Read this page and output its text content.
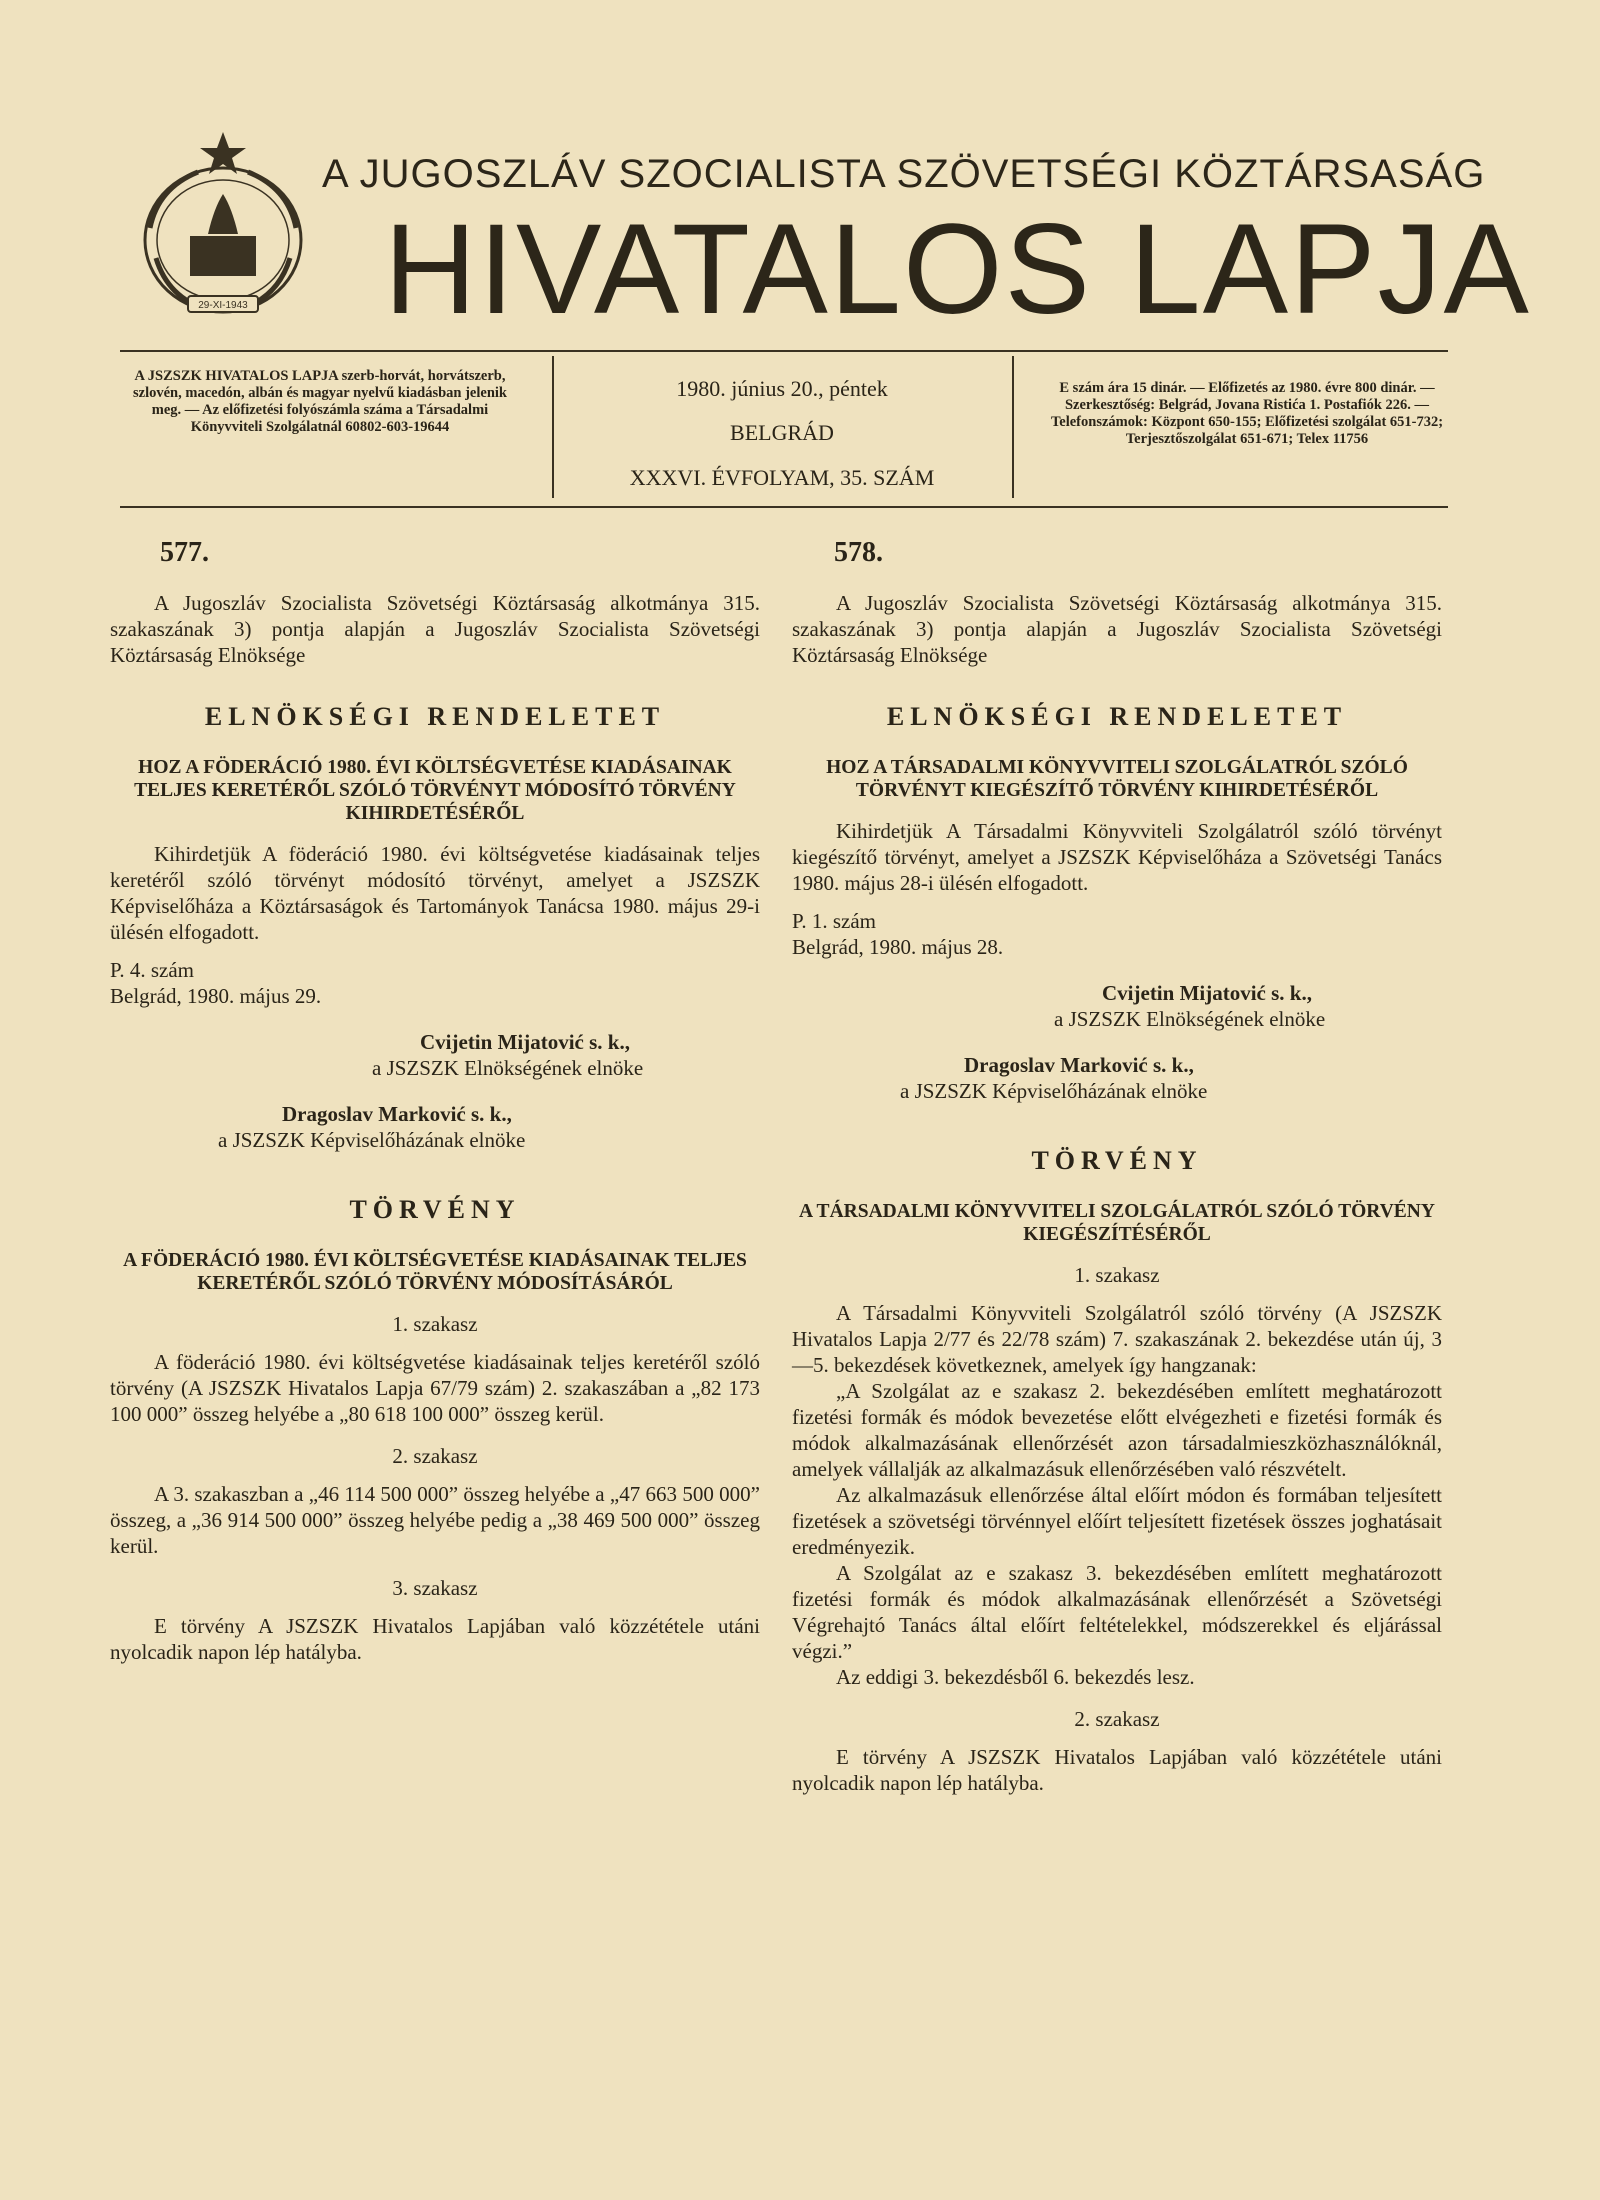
29-XI-1943
A JUGOSZLÁV SZOCIALISTA SZÖVETSÉGI KÖZTÁRSASÁG
HIVATALOS LAPJA
A JSZSZK HIVATALOS LAPJA szerb-horvát, horvátszerb, szlovén, macedón, albán és magyar nyelvű kiadásban jelenik meg. — Az előfizetési folyószámla száma a Társadalmi Könyvviteli Szolgálatnál 60802-603-19644
1980. június 20., péntek
BELGRÁD
XXXVI. ÉVFOLYAM, 35. SZÁM
E szám ára 15 dinár. — Előfizetés az 1980. évre 800 dinár. — Szerkesztőség: Belgrád, Jovana Ristića 1. Postafiók 226. — Telefonszámok: Központ 650-155; Előfizetési szolgálat 651-732; Terjesztőszolgálat 651-671; Telex 11756
577.

A Jugoszláv Szocialista Szövetségi Köztársaság alkotmánya 315. szakaszának 3) pontja alapján a Jugoszláv Szocialista Szövetségi Köztársaság Elnöksége

ELNÖKSÉGI RENDELETET
HOZ A FÖDERÁCIÓ 1980. ÉVI KÖLTSÉGVETÉSE KIADÁSAINAK TELJES KERETÉRŐL SZÓLÓ TÖRVÉNYT MÓDOSÍTÓ TÖRVÉNY KIHIRDETÉSÉRŐL

Kihirdetjük A föderáció 1980. évi költségvetése kiadásainak teljes keretéről szóló törvényt módosító törvényt, amelyet a JSZSZK Képviselőháza a Köztársaságok és Tartományok Tanácsa 1980. május 29-i ülésén elfogadott.

P. 4. szám

Belgrád, 1980. május 29.

Cvijetin Mijatović s. k.,

a JSZSZK Elnökségének elnöke

Dragoslav Marković s. k.,

a JSZSZK Képviselőházának elnöke

TÖRVÉNY
A FÖDERÁCIÓ 1980. ÉVI KÖLTSÉGVETÉSE KIADÁSAINAK TELJES KERETÉRŐL SZÓLÓ TÖRVÉNY MÓDOSÍTÁSÁRÓL
1. szakasz

A föderáció 1980. évi költségvetése kiadásainak teljes keretéről szóló törvény (A JSZSZK Hivatalos Lapja 67/79 szám) 2. szakaszában a „82 173 100 000” összeg helyébe a „80 618 100 000” összeg kerül.

2. szakasz

A 3. szakaszban a „46 114 500 000” összeg helyébe a „47 663 500 000” összeg, a „36 914 500 000” összeg helyébe pedig a „38 469 500 000” összeg kerül.

3. szakasz

E törvény A JSZSZK Hivatalos Lapjában való közzététele utáni nyolcadik napon lép hatályba.

578.

A Jugoszláv Szocialista Szövetségi Köztársaság alkotmánya 315. szakaszának 3) pontja alapján a Jugoszláv Szocialista Szövetségi Köztársaság Elnöksége

ELNÖKSÉGI RENDELETET
HOZ A TÁRSADALMI KÖNYVVITELI SZOLGÁLATRÓL SZÓLÓ TÖRVÉNYT KIEGÉSZÍTŐ TÖRVÉNY KIHIRDETÉSÉRŐL

Kihirdetjük A Társadalmi Könyvviteli Szolgálatról szóló törvényt kiegészítő törvényt, amelyet a JSZSZK Képviselőháza a Szövetségi Tanács 1980. május 28-i ülésén elfogadott.

P. 1. szám

Belgrád, 1980. május 28.

Cvijetin Mijatović s. k.,

a JSZSZK Elnökségének elnöke

Dragoslav Marković s. k.,

a JSZSZK Képviselőházának elnöke

TÖRVÉNY
A TÁRSADALMI KÖNYVVITELI SZOLGÁLATRÓL SZÓLÓ TÖRVÉNY KIEGÉSZÍTÉSÉRŐL
1. szakasz

A Társadalmi Könyvviteli Szolgálatról szóló törvény (A JSZSZK Hivatalos Lapja 2/77 és 22/78 szám) 7. szakaszának 2. bekezdése után új, 3—5. bekezdések következnek, amelyek így hangzanak:

„A Szolgálat az e szakasz 2. bekezdésében említett meghatározott fizetési formák és módok bevezetése előtt elvégezheti e fizetési formák és módok alkalmazásának ellenőrzését azon társadalmieszközhasználóknál, amelyek vállalják az alkalmazásuk ellenőrzésében való részvételt.

Az alkalmazásuk ellenőrzése által előírt módon és formában teljesített fizetések a szövetségi törvénnyel előírt teljesített fizetések összes joghatásait eredményezik.

A Szolgálat az e szakasz 3. bekezdésében említett meghatározott fizetési formák és módok alkalmazásának ellenőrzését a Szövetségi Végrehajtó Tanács által előírt feltételekkel, módszerekkel és eljárással végzi.”

Az eddigi 3. bekezdésből 6. bekezdés lesz.

2. szakasz

E törvény A JSZSZK Hivatalos Lapjában való közzététele utáni nyolcadik napon lép hatályba.
